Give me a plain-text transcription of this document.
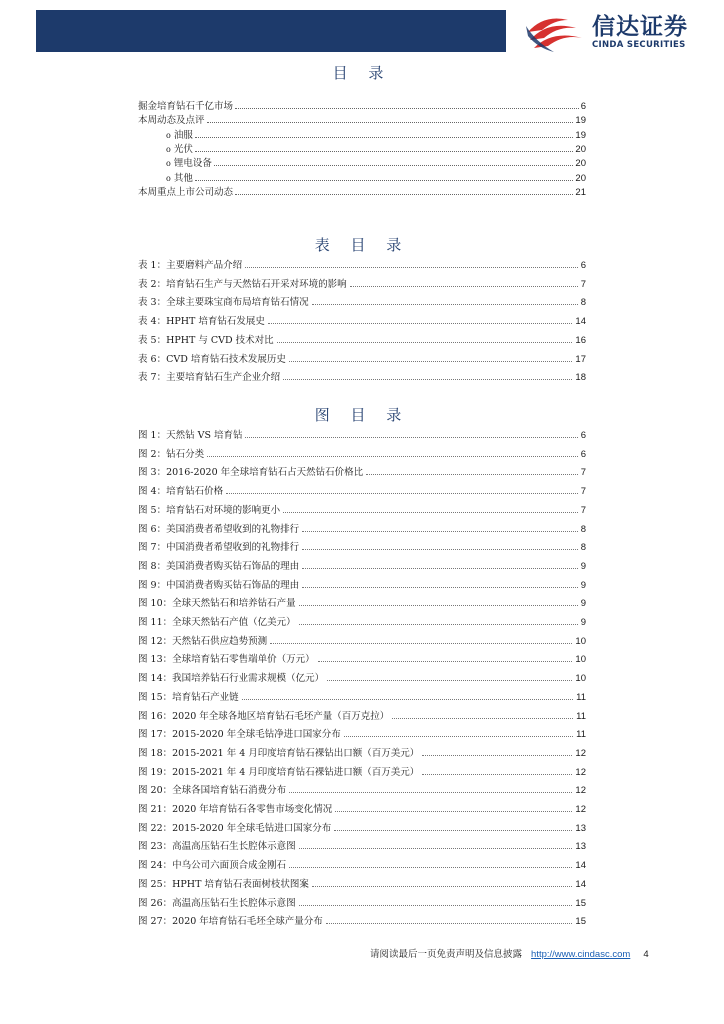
信达证券
CINDA SECURITIES
目 录
掘金培育钻石千亿市场	6
本周动态及点评	19
o 油服	19
o 光伏	20
o 锂电设备	20
o 其他	20
本周重点上市公司动态	21
表 目 录
表 1：主要磨料产品介绍	6
表 2：培育钻石生产与天然钻石开采对环境的影响	7
表 3：全球主要珠宝商布局培育钻石情况	8
表 4：HPHT 培育钻石发展史	14
表 5：HPHT 与 CVD 技术对比	16
表 6：CVD 培育钻石技术发展历史	17
表 7：主要培育钻石生产企业介绍	18
图 目 录
图 1：天然钻 VS 培育钻	6
图 2：钻石分类	6
图 3：2016-2020 年全球培育钻石占天然钻石价格比	7
图 4：培育钻石价格	7
图 5：培育钻石对环境的影响更小	7
图 6：美国消费者希望收到的礼物排行	8
图 7：中国消费者希望收到的礼物排行	8
图 8：美国消费者购买钻石饰品的理由	9
图 9：中国消费者购买钻石饰品的理由	9
图 10：全球天然钻石和培养钻石产量	9
图 11：全球天然钻石产值（亿美元）	9
图 12：天然钻石供应趋势预测	10
图 13：全球培育钻石零售端单价（万元）	10
图 14：我国培养钻石行业需求规模（亿元）	10
图 15：培育钻石产业链	11
图 16：2020 年全球各地区培育钻石毛坯产量（百万克拉）	11
图 17：2015-2020 年全球毛钻净进口国家分布	11
图 18：2015-2021 年 4 月印度培育钻石裸钻出口额（百万美元）	12
图 19：2015-2021 年 4 月印度培育钻石裸钻进口额（百万美元）	12
图 20：全球各国培育钻石消费分布	12
图 21：2020 年培育钻石各零售市场变化情况	12
图 22：2015-2020 年全球毛钻进口国家分布	13
图 23：高温高压钻石生长腔体示意图	13
图 24：中乌公司六面顶合成金刚石	14
图 25：HPHT 培育钻石表面树枝状图案	14
图 26：高温高压钻石生长腔体示意图	15
图 27：2020 年培育钻石毛坯全球产量分布	15
请阅读最后一页免责声明及信息披露 http://www.cindasc.com 4
